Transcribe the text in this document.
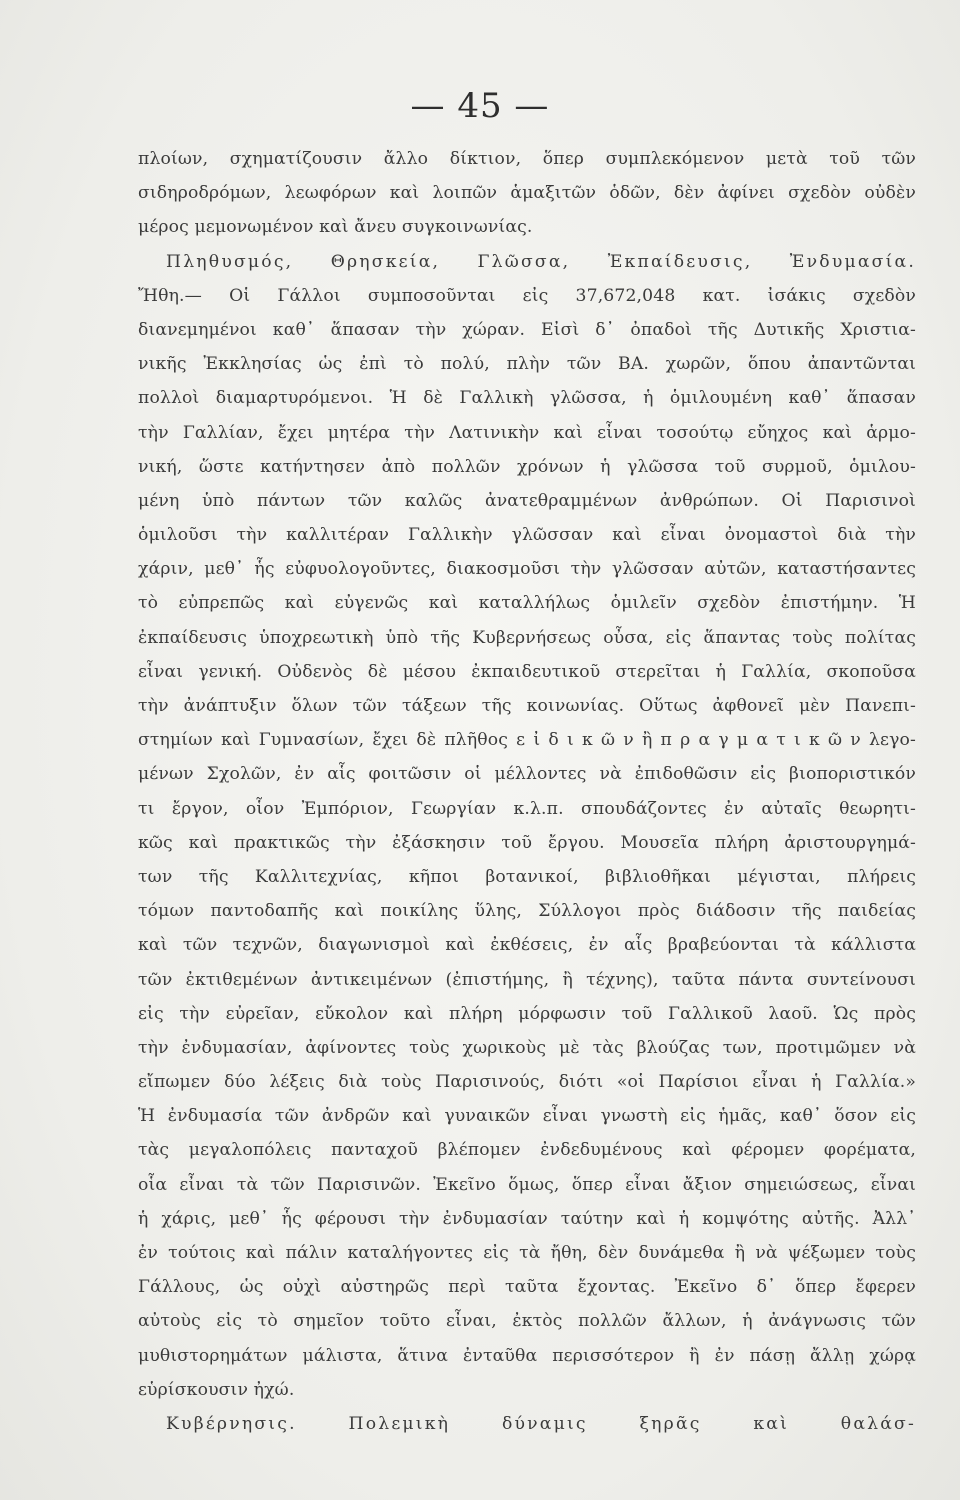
— 45 —
πλοίων, σχηματίζουσιν ἄλλο δίκτιον, ὅπερ συμπλεκόμενον μετὰ τοῦ τῶν
σιδηροδρόμων, λεωφόρων καὶ λοιπῶν ἁμαξιτῶν ὁδῶν, δὲν ἀφίνει σχεδὸν οὐδὲν
μέρος μεμονωμένον καὶ ἄνευ συγκοινωνίας.
Πληθυσμός, Θρησκεία, Γλῶσσα, Ἐκπαίδευσις, Ἐνδυμασία.
Ἤθη.— Οἱ Γάλλοι συμποσοῦνται εἰς 37,672,048 κατ. ἰσάκις σχεδὸν
διανεμημένοι καθ᾽ ἅπασαν τὴν χώραν. Εἰσὶ δ᾽ ὀπαδοὶ τῆς Δυτικῆς Χριστια-
νικῆς Ἐκκλησίας ὡς ἐπὶ τὸ πολύ, πλὴν τῶν ΒΑ. χωρῶν, ὅπου ἀπαντῶνται
πολλοὶ διαμαρτυρόμενοι. Ἡ δὲ Γαλλικὴ γλῶσσα, ἡ ὁμιλουμένη καθ᾽ ἅπασαν
τὴν Γαλλίαν, ἔχει μητέρα τὴν Λατινικὴν καὶ εἶναι τοσούτῳ εὔηχος καὶ ἁρμο-
νική, ὥστε κατήντησεν ἀπὸ πολλῶν χρόνων ἡ γλῶσσα τοῦ συρμοῦ, ὁμιλου-
μένη ὑπὸ πάντων τῶν καλῶς ἀνατεθραμμένων ἀνθρώπων. Οἱ Παρισινοὶ
ὁμιλοῦσι τὴν καλλιτέραν Γαλλικὴν γλῶσσαν καὶ εἶναι ὀνομαστοὶ διὰ τὴν
χάριν, μεθ᾽ ἧς εὐφυολογοῦντες, διακοσμοῦσι τὴν γλῶσσαν αὐτῶν, καταστήσαντες
τὸ εὐπρεπῶς καὶ εὐγενῶς καὶ καταλλήλως ὁμιλεῖν σχεδὸν ἐπιστήμην. Ἡ
ἐκπαίδευσις ὑποχρεωτικὴ ὑπὸ τῆς Κυβερνήσεως οὖσα, εἰς ἅπαντας τοὺς πολίτας
εἶναι γενική. Οὐδενὸς δὲ μέσου ἐκπαιδευτικοῦ στερεῖται ἡ Γαλλία, σκοποῦσα
τὴν ἀνάπτυξιν ὅλων τῶν τάξεων τῆς κοινωνίας. Οὕτως ἀφθονεῖ μὲν Πανεπι-
στημίων καὶ Γυμνασίων, ἔχει δὲ πλῆθος ε ἰ δ ι κ ῶ ν ἢ π ρ α γ μ α τ ι κ ῶ ν λεγο-
μένων Σχολῶν, ἐν αἷς φοιτῶσιν οἱ μέλλοντες νὰ ἐπιδοθῶσιν εἰς βιοποριστικόν
τι ἔργον, οἷον Ἐμπόριον, Γεωργίαν κ.λ.π. σπουδάζοντες ἐν αὐταῖς θεωρητι-
κῶς καὶ πρακτικῶς τὴν ἐξάσκησιν τοῦ ἔργου. Μουσεῖα πλήρη ἀριστουργημά-
των τῆς Καλλιτεχνίας, κῆποι βοτανικοί, βιβλιοθῆκαι μέγισται, πλήρεις
τόμων παντοδαπῆς καὶ ποικίλης ὕλης, Σύλλογοι πρὸς διάδοσιν τῆς παιδείας
καὶ τῶν τεχνῶν, διαγωνισμοὶ καὶ ἐκθέσεις, ἐν αἷς βραβεύονται τὰ κάλλιστα
τῶν ἐκτιθεμένων ἀντικειμένων (ἐπιστήμης, ἢ τέχνης), ταῦτα πάντα συντείνουσι
εἰς τὴν εὐρεῖαν, εὔκολον καὶ πλήρη μόρφωσιν τοῦ Γαλλικοῦ λαοῦ. Ὡς πρὸς
τὴν ἐνδυμασίαν, ἀφίνοντες τοὺς χωρικοὺς μὲ τὰς βλούζας των, προτιμῶμεν νὰ
εἴπωμεν δύο λέξεις διὰ τοὺς Παρισινούς, διότι «οἱ Παρίσιοι εἶναι ἡ Γαλλία.»
Ἡ ἐνδυμασία τῶν ἀνδρῶν καὶ γυναικῶν εἶναι γνωστὴ εἰς ἡμᾶς, καθ᾽ ὅσον εἰς
τὰς μεγαλοπόλεις πανταχοῦ βλέπομεν ἐνδεδυμένους καὶ φέρομεν φορέματα,
οἷα εἶναι τὰ τῶν Παρισινῶν. Ἐκεῖνο ὅμως, ὅπερ εἶναι ἄξιον σημειώσεως, εἶναι
ἡ χάρις, μεθ᾽ ἧς φέρουσι τὴν ἐνδυμασίαν ταύτην καὶ ἡ κομψότης αὐτῆς. Ἀλλ᾽
ἐν τούτοις καὶ πάλιν καταλήγοντες εἰς τὰ ἤθη, δὲν δυνάμεθα ἢ νὰ ψέξωμεν τοὺς
Γάλλους, ὡς οὐχὶ αὐστηρῶς περὶ ταῦτα ἔχοντας. Ἐκεῖνο δ᾽ ὅπερ ἔφερεν
αὐτοὺς εἰς τὸ σημεῖον τοῦτο εἶναι, ἐκτὸς πολλῶν ἄλλων, ἡ ἀνάγνωσις τῶν
μυθιστορημάτων μάλιστα, ἅτινα ἐνταῦθα περισσότερον ἢ ἐν πάσῃ ἄλλῃ χώρᾳ
εὑρίσκουσιν ἠχώ.
Κυβέρνησις. Πολεμικὴ δύναμις ξηρᾶς καὶ θαλάσ-
